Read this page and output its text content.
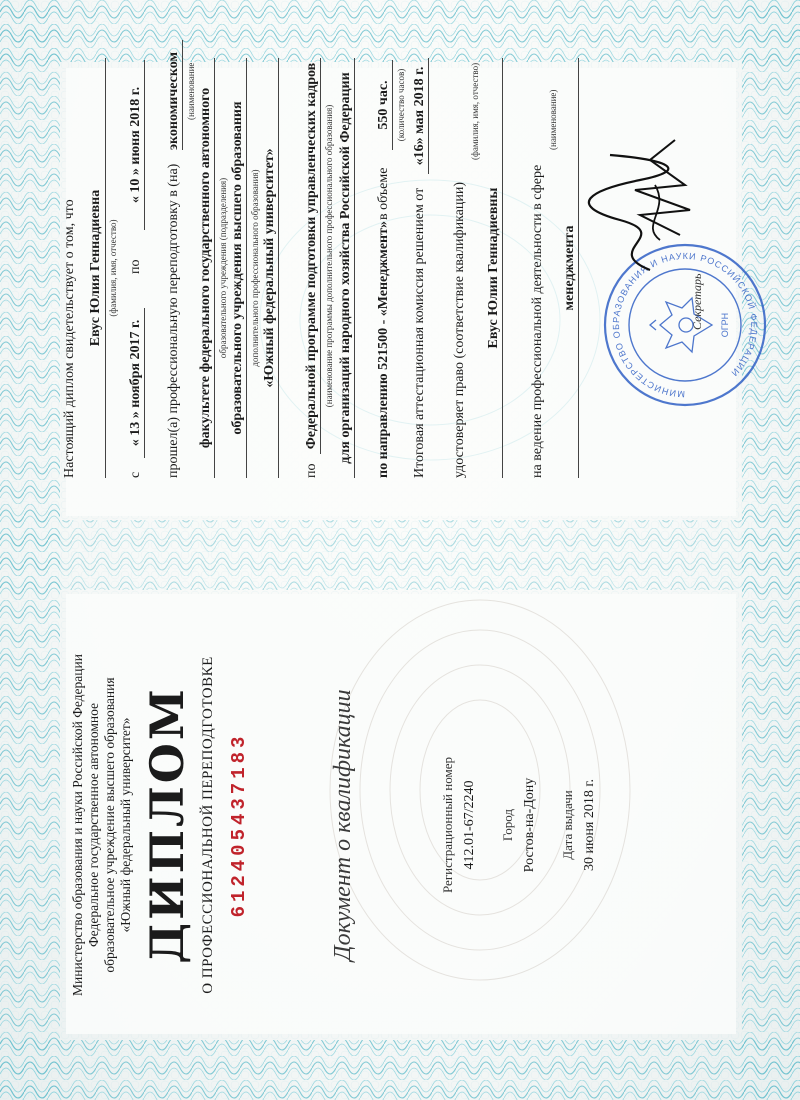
Министерство образования и науки Российской Федерации Федеральное государственное автономное образовательное учреждение высшего образования «Южный федеральный университет» ДИПЛОМ О ПРОФЕССИОНАЛЬНОЙ ПЕРЕПОДГОТОВКЕ 612405437183	Документ о квалификации	Регистрационный номер 412.01-67/2240 Город Ростов-на-Дону Дата выдачи 30 июня 2018 г.
Настоящий диплом свидетельствует о том, что Евус Юлия Геннадиевна (фамилия, имя, отчество)
с
« 13 » ноября 2017 г.
по
« 10 » июня 2018 г.
прошел(а) профессиональную переподготовку в (на)
экономическом (наименование факультете федерального государственного автономного образовательного учреждения (подразделения) образовательного учреждения высшего образования дополнительного профессионального образования) «Южный федеральный университет»
по
Федеральной программе подготовки управленческих кадров (наименование программы дополнительного профессионального образования) для организаций народного хозяйства Российской Федерации по направлению 521500 - «Менеджмент»
в объеме
550 час. (количество часов)
Итоговая аттестационная комиссия решением от
«16» мая 2018 г.
удостоверяет право (соответствие квалификации)
(фамилия, имя, отчество)
Евус Юлии Геннадиевны на ведение профессиональной деятельности в сфере
(наименование)
менеджмента
МИНИСТЕРСТВО ОБРАЗОВАНИЯ И НАУКИ РОССИЙСКОЙ ФЕДЕРАЦИИ
ОГРН
Секретарь
